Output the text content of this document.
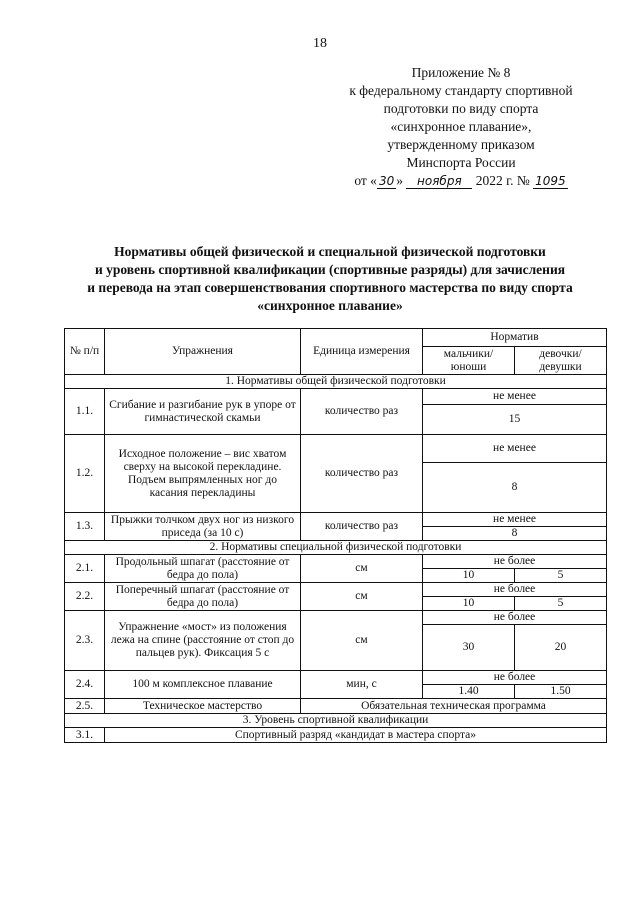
18
Приложение № 8
к федеральному стандарту спортивной
подготовки по виду спорта
«синхронное плавание»,
утвержденному приказом
Минспорта России
от « 30 » ноября 2022 г. № 1095
Нормативы общей физической и специальной физической подготовки
и уровень спортивной квалификации (спортивные разряды) для зачисления
и перевода на этап совершенствования спортивного мастерства по виду спорта
«синхронное плавание»
№ п/п	Упражнения	Единица измерения	Норматив	
			мальчики/ юноши	девочки/ девушки
1. Нормативы общей физической подготовки				
1.1.	Сгибание и разгибание рук в упоре от гимнастической скамьи	количество раз	не менее	
			15	
1.2.	Исходное положение – вис хватом сверху на высокой перекладине. Подъем выпрямленных ног до касания перекладины	количество раз	не менее	
			8	
1.3.	Прыжки толчком двух ног из низкого приседа (за 10 с)	количество раз	не менее	
			8	
2. Нормативы специальной физической подготовки				
2.1.	Продольный шпагат (расстояние от бедра до пола)	см	не более	
			10	5
2.2.	Поперечный шпагат (расстояние от бедра до пола)	см	не более	
			10	5
2.3.	Упражнение «мост» из положения лежа на спине (расстояние от стоп до пальцев рук). Фиксация 5 с	см	не более	
			30	20
2.4.	100 м комплексное плавание	мин, с	не более	
			1.40	1.50
2.5.	Техническое мастерство	Обязательная техническая программа		
3. Уровень спортивной квалификации				
3.1.	Спортивный разряд «кандидат в мастера спорта»			
